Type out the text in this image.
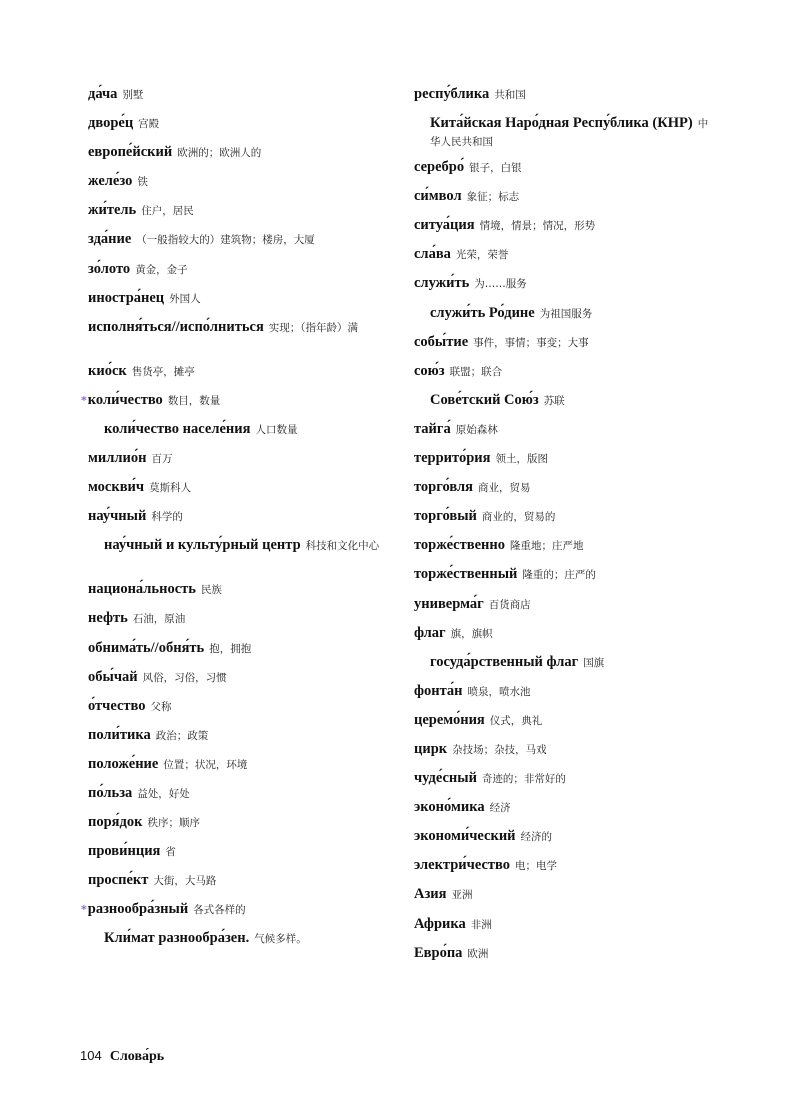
да́ча 别墅

дворе́ц 宫殿

европе́йский 欧洲的；欧洲人的

желе́зо 铁

жи́тель 住户，居民

зда́ние （一般指较大的）建筑物；楼房，大厦

зо́лото 黄金，金子

иностра́нец 外国人

исполня́ться//испо́лниться 实现；（指年龄）满

кио́ск 售货亭，摊亭

*коли́чество 数目，数量

коли́чество населе́ния 人口数量

миллио́н 百万

москви́ч 莫斯科人

нау́чный 科学的

нау́чный и культу́рный центр 科技和文化中心

национа́льность 民族

нефть 石油，原油

обнима́ть//обня́ть 抱，拥抱

обы́чай 风俗，习俗，习惯

о́тчество 父称

поли́тика 政治；政策

положе́ние 位置；状况，环境

по́льза 益处，好处

поря́док 秩序；顺序

прови́нция 省

проспе́кт 大街，大马路

*разнообра́зный 各式各样的

Кли́мат разнообра́зен. 气候多样。

респу́блика 共和国

Кита́йская Наро́дная Респу́блика (КНР) 中华人民共和国

серебро́ 银子，白银

си́мвол 象征；标志

ситуа́ция 情境，情景；情况，形势

сла́ва 光荣，荣誉

служи́ть 为……服务

служи́ть Ро́дине 为祖国服务

собы́тие 事件，事情；事变；大事

сою́з 联盟；联合

Сове́тский Сою́з 苏联

тайга́ 原始森林

террито́рия 领土，版图

торго́вля 商业，贸易

торго́вый 商业的，贸易的

торже́ственно 隆重地；庄严地

торже́ственный 隆重的；庄严的

универма́г 百货商店

флаг 旗，旗帜

госуда́рственный флаг 国旗

фонта́н 喷泉，喷水池

церемо́ния 仪式，典礼

цирк 杂技场；杂技，马戏

чуде́сный 奇迹的；非常好的

эконо́мика 经济

экономи́ческий 经济的

электри́чество 电；电学

Азия 亚洲

Африка 非洲

Евро́па 欧洲

104 Слова́рь
